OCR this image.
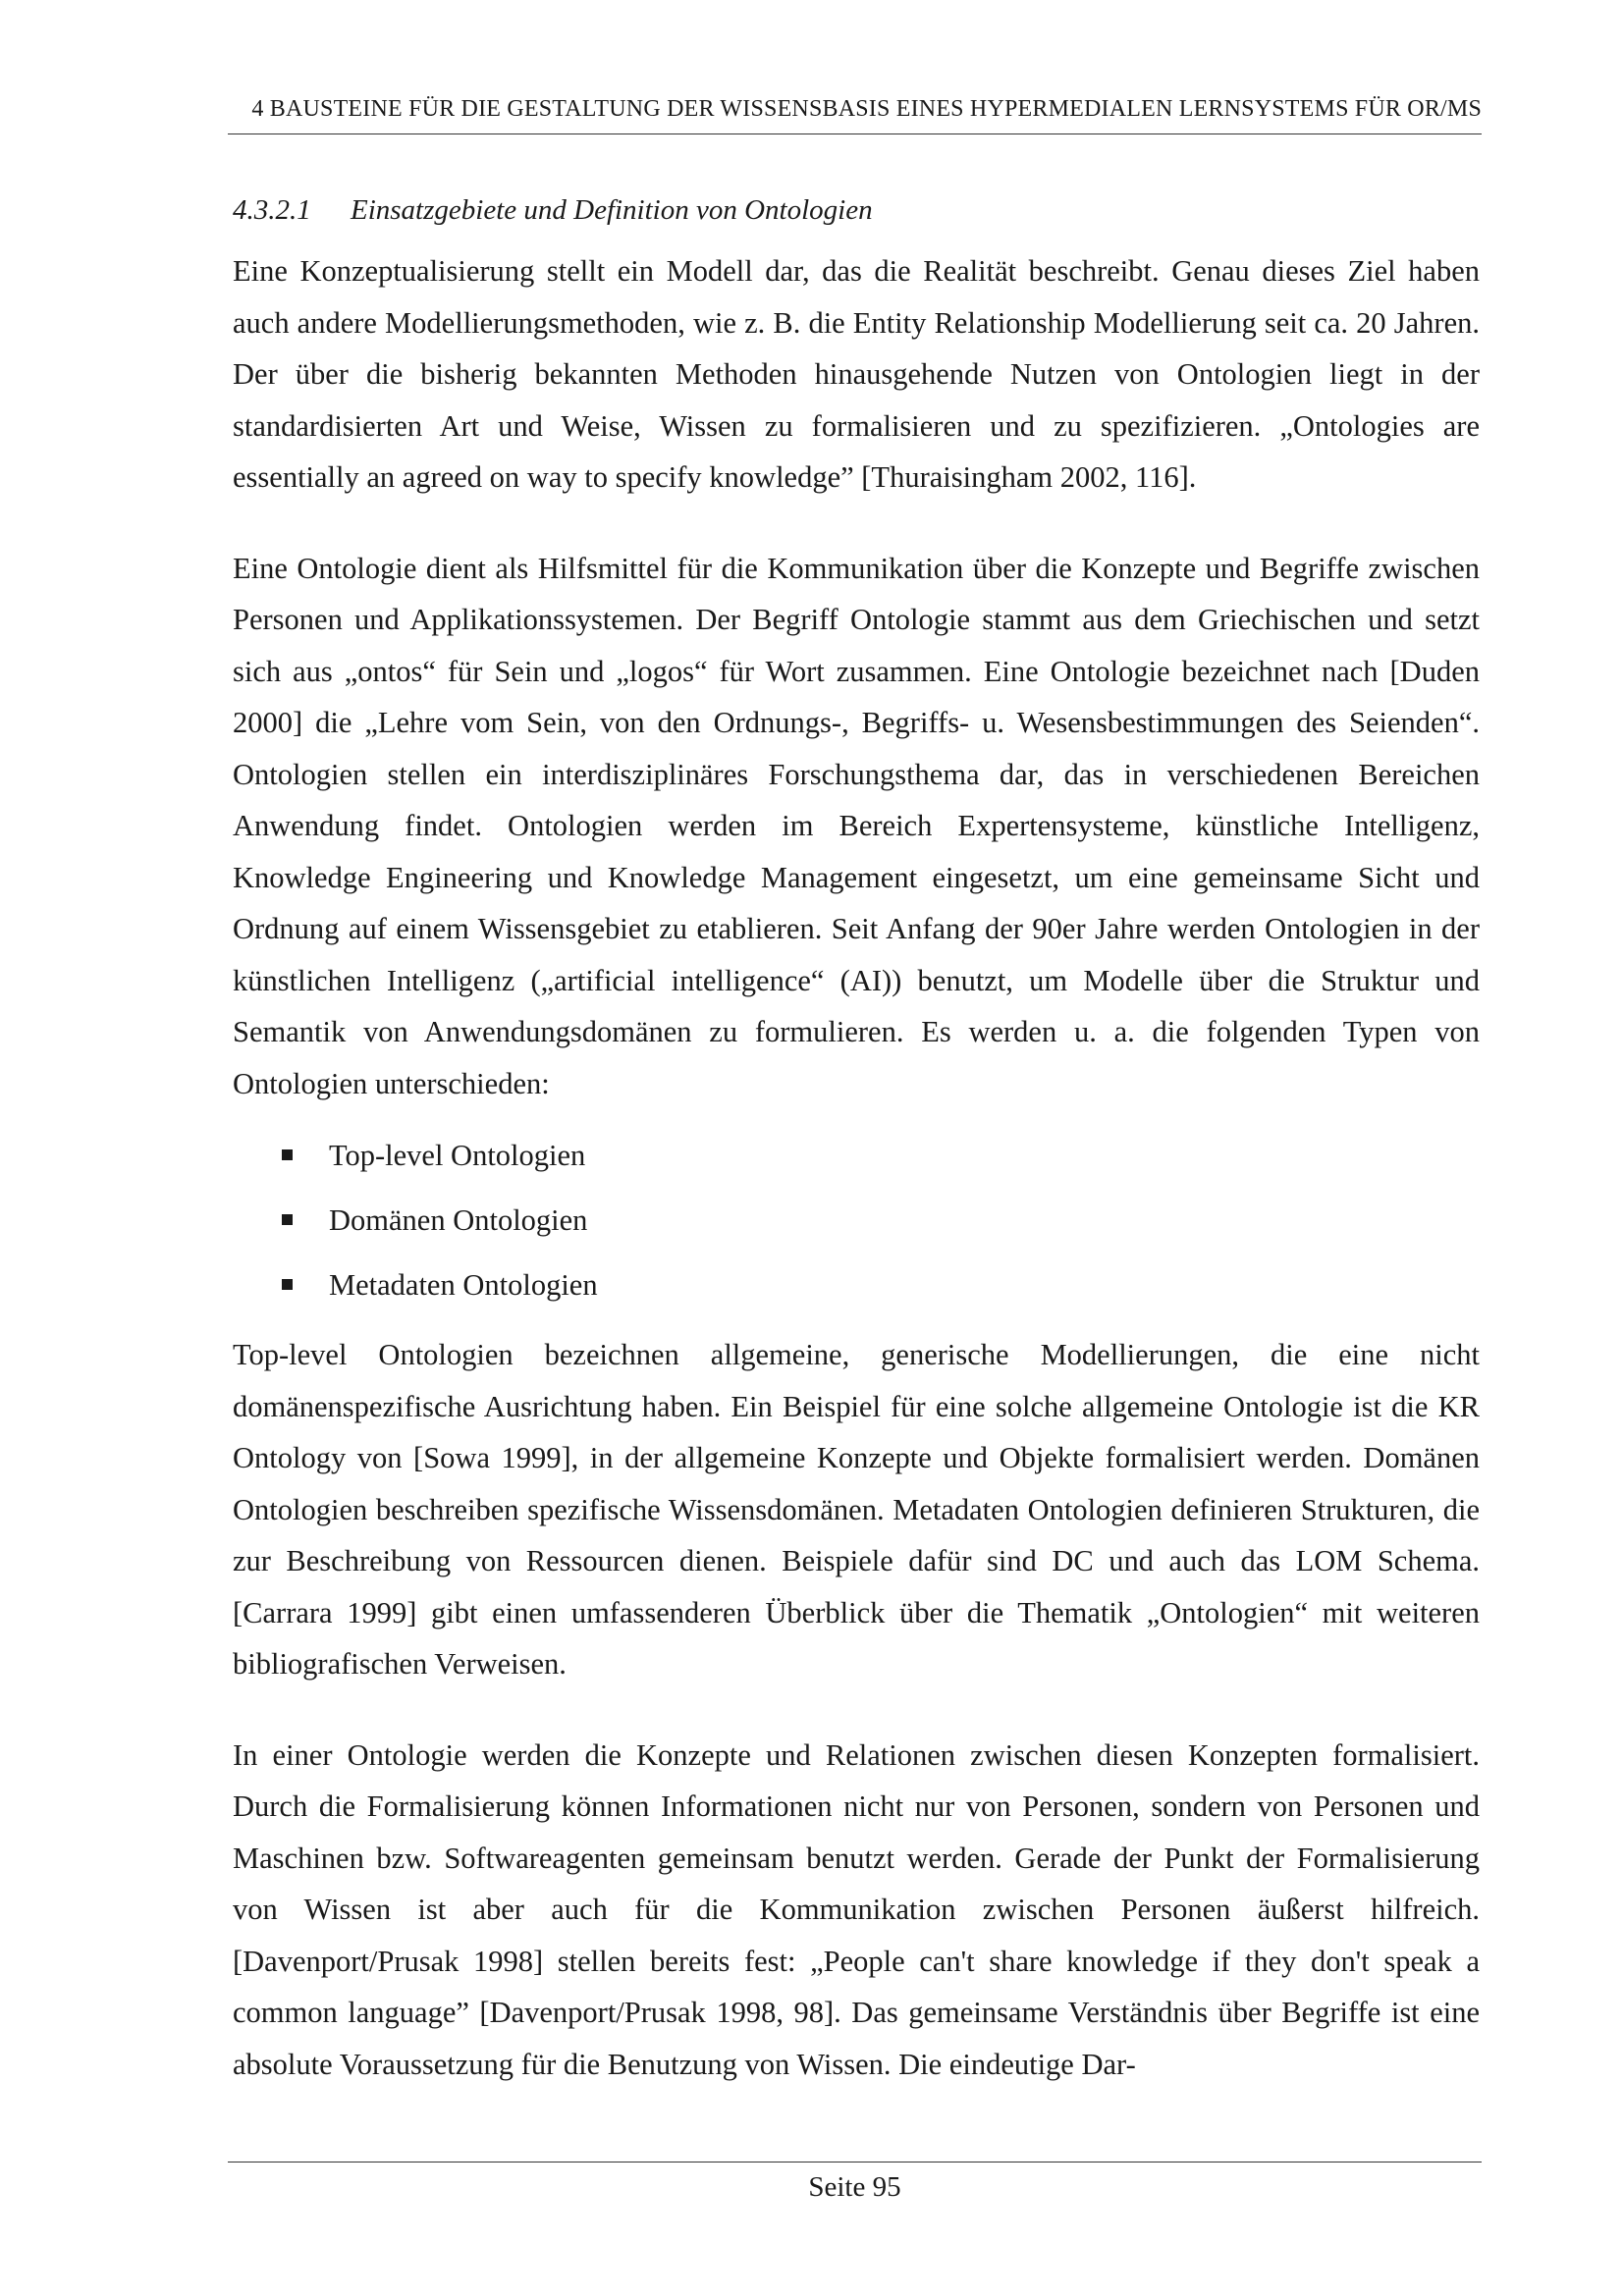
4 BAUSTEINE FÜR DIE GESTALTUNG DER WISSENSBASIS EINES HYPERMEDIALEN LERNSYSTEMS FÜR OR/MS
4.3.2.1 Einsatzgebiete und Definition von Ontologien

Eine Konzeptualisierung stellt ein Modell dar, das die Realität beschreibt. Genau dieses Ziel haben auch andere Modellierungsmethoden, wie z. B. die Entity Relationship Modellierung seit ca. 20 Jahren. Der über die bisherig bekannten Methoden hinausgehende Nutzen von Ontologien liegt in der standardisierten Art und Weise, Wissen zu formalisieren und zu spezifizieren. „Ontologies are essentially an agreed on way to specify knowledge” [Thuraisingham 2002, 116].

Eine Ontologie dient als Hilfsmittel für die Kommunikation über die Konzepte und Begriffe zwischen Personen und Applikationssystemen. Der Begriff Ontologie stammt aus dem Griechischen und setzt sich aus „ontos“ für Sein und „logos“ für Wort zusammen. Eine Ontologie bezeichnet nach [Duden 2000] die „Lehre vom Sein, von den Ordnungs-, Begriffs- u. Wesensbestimmungen des Seienden“. Ontologien stellen ein interdisziplinäres Forschungsthema dar, das in verschiedenen Bereichen Anwendung findet. Ontologien werden im Bereich Expertensysteme, künstliche Intelligenz, Knowledge Engineering und Knowledge Management eingesetzt, um eine gemeinsame Sicht und Ordnung auf einem Wissensgebiet zu etablieren. Seit Anfang der 90er Jahre werden Ontologien in der künstlichen Intelligenz („artificial intelligence“ (AI)) benutzt, um Modelle über die Struktur und Semantik von Anwendungsdomänen zu formulieren. Es werden u. a. die folgenden Typen von Ontologien unterschieden:

Top-level Ontologien
Domänen Ontologien
Metadaten Ontologien

Top-level Ontologien bezeichnen allgemeine, generische Modellierungen, die eine nicht domänenspezifische Ausrichtung haben. Ein Beispiel für eine solche allgemeine Ontologie ist die KR Ontology von [Sowa 1999], in der allgemeine Konzepte und Objekte formalisiert werden. Domänen Ontologien beschreiben spezifische Wissensdomänen. Metadaten Ontologien definieren Strukturen, die zur Beschreibung von Ressourcen dienen. Beispiele dafür sind DC und auch das LOM Schema. [Carrara 1999] gibt einen umfassenderen Überblick über die Thematik „Ontologien“ mit weiteren bibliografischen Verweisen.

In einer Ontologie werden die Konzepte und Relationen zwischen diesen Konzepten formalisiert. Durch die Formalisierung können Informationen nicht nur von Personen, sondern von Personen und Maschinen bzw. Softwareagenten gemeinsam benutzt werden. Gerade der Punkt der Formalisierung von Wissen ist aber auch für die Kommunikation zwischen Personen äußerst hilfreich. [Davenport/Prusak 1998] stellen bereits fest: „People can't share knowledge if they don't speak a common language” [Davenport/Prusak 1998, 98]. Das gemeinsame Verständnis über Begriffe ist eine absolute Voraussetzung für die Benutzung von Wissen. Die eindeutige Dar-

Seite 95
